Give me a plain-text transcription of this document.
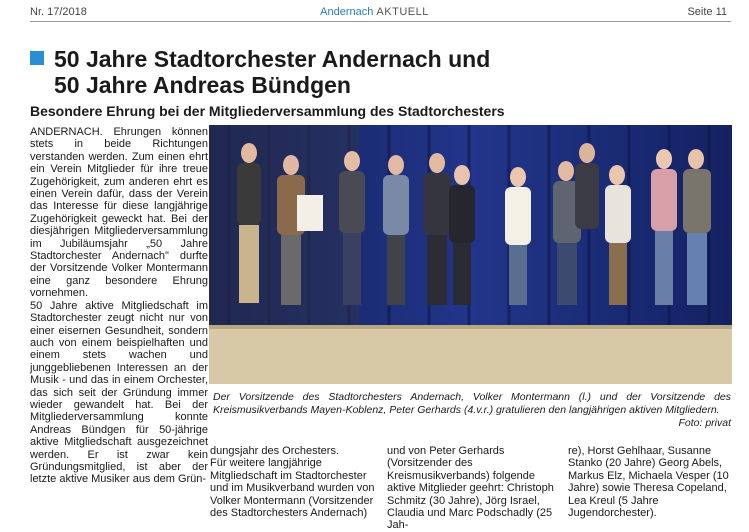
Nr. 17/2018	Andernach AKTUELL	Seite 11
50 Jahre Stadtorchester Andernach und
50 Jahre Andreas Bündgen
Besondere Ehrung bei der Mitgliederversammlung des Stadtorchesters

ANDERNACH. Ehrungen können stets in beide Richtungen verstanden werden. Zum einen ehrt ein Verein Mitglieder für ihre treue Zugehörigkeit, zum anderen ehrt es einen Verein dafür, dass der Verein das Interesse für diese langjährige Zugehörigkeit geweckt hat. Bei der diesjährigen Mitgliederversammlung im Jubiläumsjahr „50 Jahre Stadtorchester Andernach" durfte der Vorsitzende Volker Montermann eine ganz besondere Ehrung vornehmen.
50 Jahre aktive Mitgliedschaft im Stadtorchester zeugt nicht nur von einer eisernen Gesundheit, sondern auch von einem beispielhaften und einem stets wachen und junggebliebenen Interessen an der Musik - und das in einem Orchester, das sich seit der Gründung immer wieder gewandelt hat. Bei der Mitgliederversammlung konnte Andreas Bündgen für 50-jährige aktive Mitgliedschaft ausgezeichnet werden. Er ist zwar kein Gründungsmitglied, ist aber der letzte aktive Musiker aus dem Grün-

Der Vorsitzende des Stadtorchesters Andernach, Volker Montermann (l.) und der Vorsitzende des Kreismusikverbands Mayen-Koblenz, Peter Gerhards (4.v.r.) gratulieren den langjährigen aktiven Mitgliedern.

Foto: privat

dungsjahr des Orchesters.
Für weitere langjährige Mitgliedschaft im Stadtorchester und im Musikverband wurden von Volker Montermann (Vorsitzender des Stadtorchesters Andernach)

und von Peter Gerhards (Vorsitzender des Kreismusikverbands) folgende aktive Mitglieder geehrt: Christoph Schmitz (30 Jahre), Jörg Israel, Claudia und Marc Podschadly (25 Jah-

re), Horst Gehlhaar, Susanne Stanko (20 Jahre) Georg Abels, Markus Elz, Michaela Vesper (10 Jahre) sowie Theresa Copeland, Lea Kreul (5 Jahre Jugendorchester).
